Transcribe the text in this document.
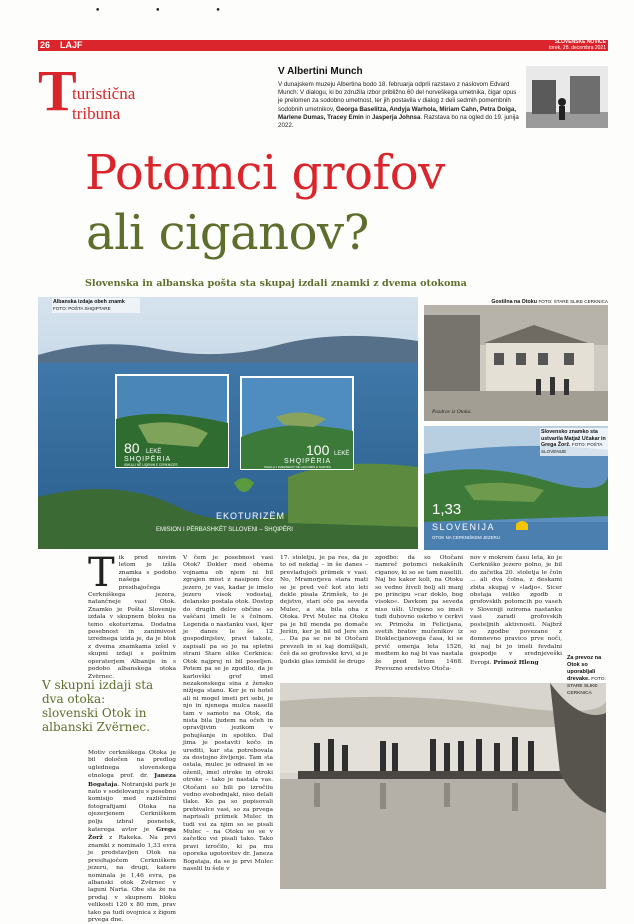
• • •
26 LAJF	SLOVENSKE NOVICE
torek, 28. decembra 2021
T
turistična
tribuna
V Albertini Munch
V dunajskem muzeju Albertina bodo 18. februarja odprli razstavo z naslovom Edvard Munch: V dialogu, ki bo združila izbor približno 60 del norveškega umetnika, čigar opus je prelomen za sodobno umetnost, ter jih postavila v dialog z deli sedmih pomembnih sodobnih umetnikov, Georga Baselitza, Andyja Warhola, Miriam Cahn, Petra Doiga, Marlene Dumas, Tracey Emin in Jasperja Johnsa. Razstava bo na ogled do 19. junija 2022.
Potomci grofov
ali ciganov?
Slovenska in albanska pošta sta skupaj izdali znamki z dvema otokoma
80 LEKË
SHQIPËRIA
ISHULLI NË LIQENIN E CERKNICËS
100 LEKË
SHQIPËRIA
ISHULLI I ZVERNECIT NË LAGUNËN E NARTËS
EKOTURIZËM
EMISION I PËRBASHKËT SLLOVENI – SHQIPËRI
Albanska izdaja obeh znamk FOTO: POŠTA SHQIPTARE
Pozdrav iz Otoka.
Gostilna na Otoku FOTO: STARE SLIKE CERKNICA
1,33
SLOVENIJA
OTOK NA CERKNIŠKEM JEZERU
Slovensko znamko sta ustvarila Matjaž Učakar in Grega Žorž. FOTO: POŠTA SLOVENIJE
Za prevoz na Otok so uporabljali drevake. FOTO: STARE SLIKE CERKNICA
Tik pred novim letom je izšla znamka s podobo našega presihajočega Cerkniškega jezera, natančneje vasi Otok. Znamko je Pošta Slovenije izdala v skupnem bloku na temo ekoturizma. Dodatna posebnost in zanimivost izrednega izida je, da je blok z dvema znamkama izšel v skupni izdaji s poštnim operaterjem Albanije in s podobo albanskega otoka Zvërnec.
V skupni izdaji sta dva otoka: slovenski Otok in albanski Zvërnec.
Motiv cerkniškega Otoka je bil določen na predlog uglednega slovenskega etnologa prof. dr. Janeza Bogataja. Notranjski park je nato v sodelovanju s posebno komisijo med različnimi fotografijami Otoka na ojezerjenem Cerkniškem polju izbral posnetek, katerega avtor je Grega Žorž z Rakeka. Na prvi znamki z nominalo 1,33 evra je predstavljen Otok na presihajočem Cerkniškem jezeru, na drugi, katere nominala je 1,46 evra, pa albanski otok Zvërnec v laguni Narta. Obe sta že na prodaj v skupnem bloku velikosti 120 x 80 mm, prav tako pa tudi ovojnica z žigom prvega dne.
V čem je posebnost vasi Otok? Dokler med obema vojnama ob njem ni bil zgrajen most z nasipom čez jezero, je vas, kadar je imelo jezero visok vodostaj, delansko postala otok. Dostop do drugih delov občine so vaščani imeli le s čolnom. Legenda o nastanku vasi, kjer je danes le še 12 gospodinjstev, pravi takole, zapisali pa so jo na spletni strani Stare slike Cerknica: Otok najprej ni bil poseljen. Potem pa se je zgodilo, da je karlovški grof imel nezakonskega sina z žensko nižjega stanu. Ker je ni hotel ali ni mogel imeti pri sebi, je njo in njenega mulca naselil tam v samoto na Otok, da nista bila ljudem na očeh in opravljivim jezikom v pohujšanje in spotiko. Dal jima je postaviti kočo in urediti, kar sta potrebovala za dostojno življenje. Tam sta ostala, mulec je odrasel in se oženil, imel otroke in otroki otroke – tako je nastala vas. Otočani so bili po izročilu vedno svobodnjaki, niso delali tlake. Ko pa so popisovali prebivalce vasi, so za prvega naprisali priimek Mulec in tudi vsi za njim so se pisali Mulec – na Otoku so se v začetku vsi pisali tako. Tako pravi izročilo, ki pa mu oporeka ugotovitev dr. Janeza Bogataja, da se je prvi Mulec naselil tu šele v
17. stoletju, je pa res, da je to od nekdaj – in še danes – prevladujoči priimek v vasi. No, Mramorjeva stara mati se je pred več kot sto leti dekle pisala Zrimšek, to je dejstvo, stari oče pa seveda Mulec, a sta bila oba z Otoka. Prvi Mulec na Otoku pa je bil menda po domače Jeršin, ker je bil od Jere sin ... Da pa se ne bi Otočani prevzeli in si kaj domišljali, češ da so grofovske krvi, si je ljudski glas izmislil še drugo
zgodbo: da so Otočani namreč potomci nekakšnih ciganov, ki so se tam naselili. Naj bo kakor koli, na Otoku so vedno živeli bolj ali manj po principu »car doklo, bog visoko«. Davkom pa seveda niso ušli. Urejeno so imeli tudi duhovno oskrbo v cerkvi sv. Primoža in Felicijana, svetih bratov mučenikov iz Dioklecijanovega časa, ki se prvič omenja leta 1526, medtem ko naj bi vas nastala že pred letom 1468. Prevozno sredstvo Otoča-
nov v mokrem času leta, ko je Cerkniško jezero polno, je bil do začetka 20. stoletja le čoln ... ali dva čolna, z deskami zbita skupaj v »ladjo«. Sicer obstaja veliko zgodb o grofovskih potomcih po vaseh v Sloveniji oziroma nastanku vasi zaradi grofovskih posteljnih aktivnosti. Najbrž so zgodbe povezane z domnevno pravico prve noči, ki naj bi jo imeli fevdalni gospodje v srednjeveški Evropi. Primož Hleng
